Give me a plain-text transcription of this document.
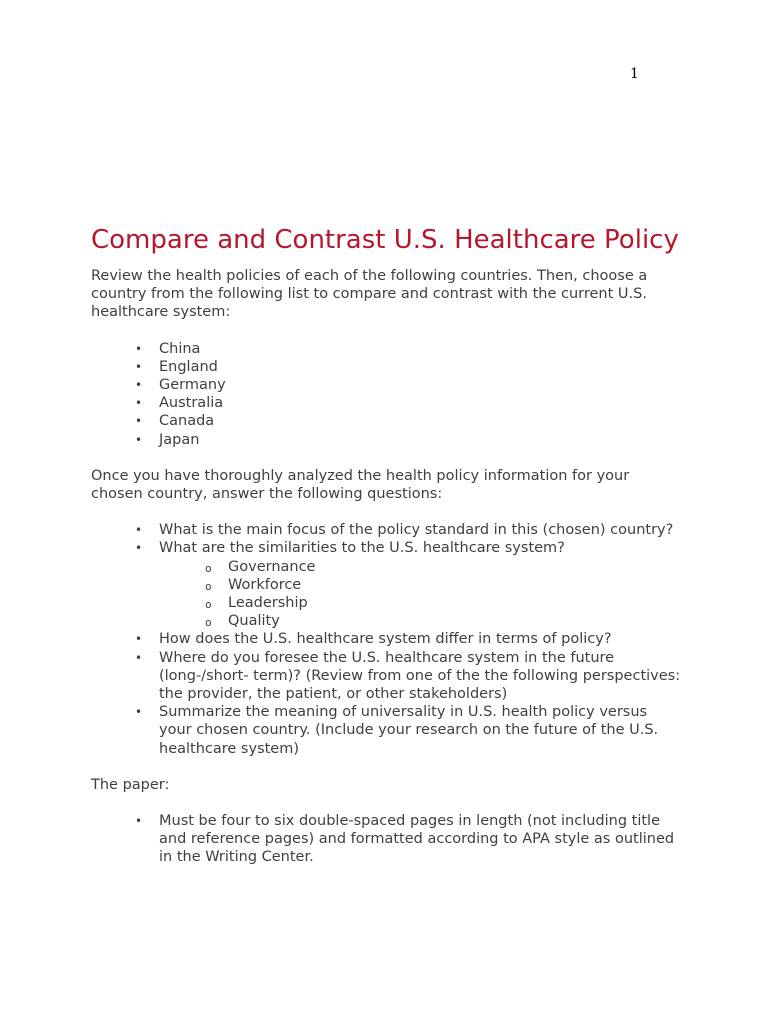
1
Compare and Contrast U.S. Healthcare Policy

Review the health policies of each of the following countries. Then, choose a country from the following list to compare and contrast with the current U.S. healthcare system:

• China
• England
• Germany
• Australia
• Canada
• Japan

Once you have thoroughly analyzed the health policy information for your chosen country, answer the following questions:

• What is the main focus of the policy standard in this (chosen) country?
• What are the similarities to the U.S. healthcare system?
o Governance
o Workforce
o Leadership
o Quality
• How does the U.S. healthcare system differ in terms of policy?
• Where do you foresee the U.S. healthcare system in the future (long-/short- term)? (Review from one of the the following perspectives: the provider, the patient, or other stakeholders)
• Summarize the meaning of universality in U.S. health policy versus your chosen country. (Include your research on the future of the U.S. healthcare system)

The paper:

• Must be four to six double-spaced pages in length (not including title and reference pages) and formatted according to APA style as outlined in the Writing Center.
